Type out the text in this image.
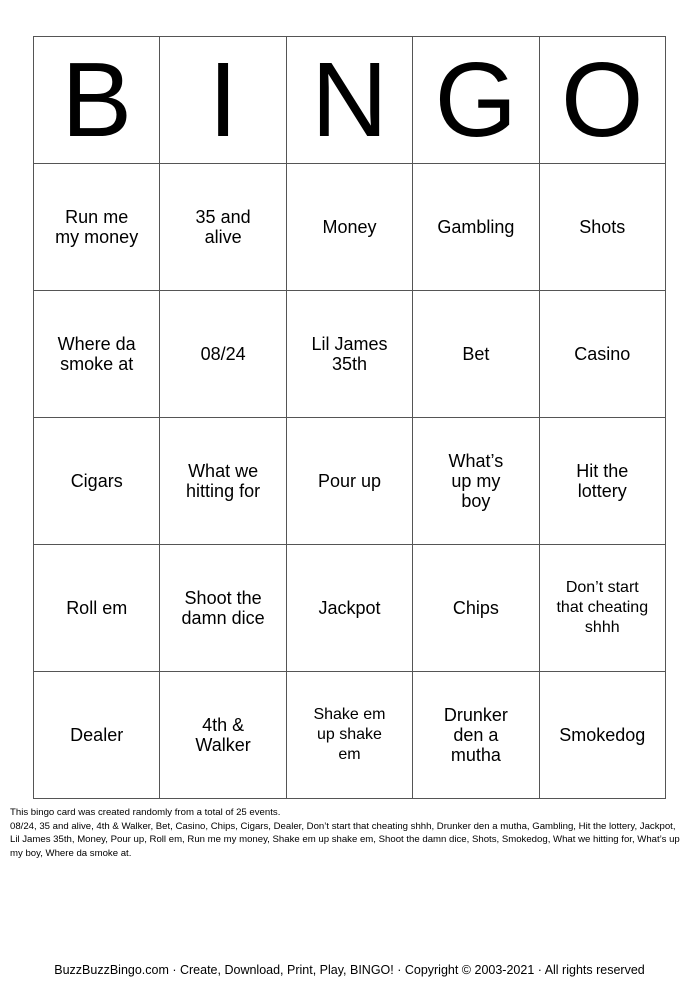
B	I	N	G	O

Run me my money	35 and alive	Money	Gambling	Shots

Where da smoke at	08/24	Lil James 35th	Bet	Casino

Cigars	What we hitting for	Pour up	What’s up my boy	Hit the lottery

Roll em	Shoot the damn dice	Jackpot	Chips	Don’t start that cheating shhh

Dealer	4th & Walker	Shake em up shake em	Drunker den a mutha	Smokedog

This bingo card was created randomly from a total of 25 events.

08/24, 35 and alive, 4th & Walker, Bet, Casino, Chips, Cigars, Dealer, Don’t start that cheating shhh, Drunker den a mutha, Gambling, Hit the lottery, Jackpot, Lil James 35th, Money, Pour up, Roll em, Run me my money, Shake em up shake em, Shoot the damn dice, Shots, Smokedog, What we hitting for, What’s up my boy, Where da smoke at.

BuzzBuzzBingo.com · Create, Download, Print, Play, BINGO! · Copyright © 2003-2021 · All rights reserved
